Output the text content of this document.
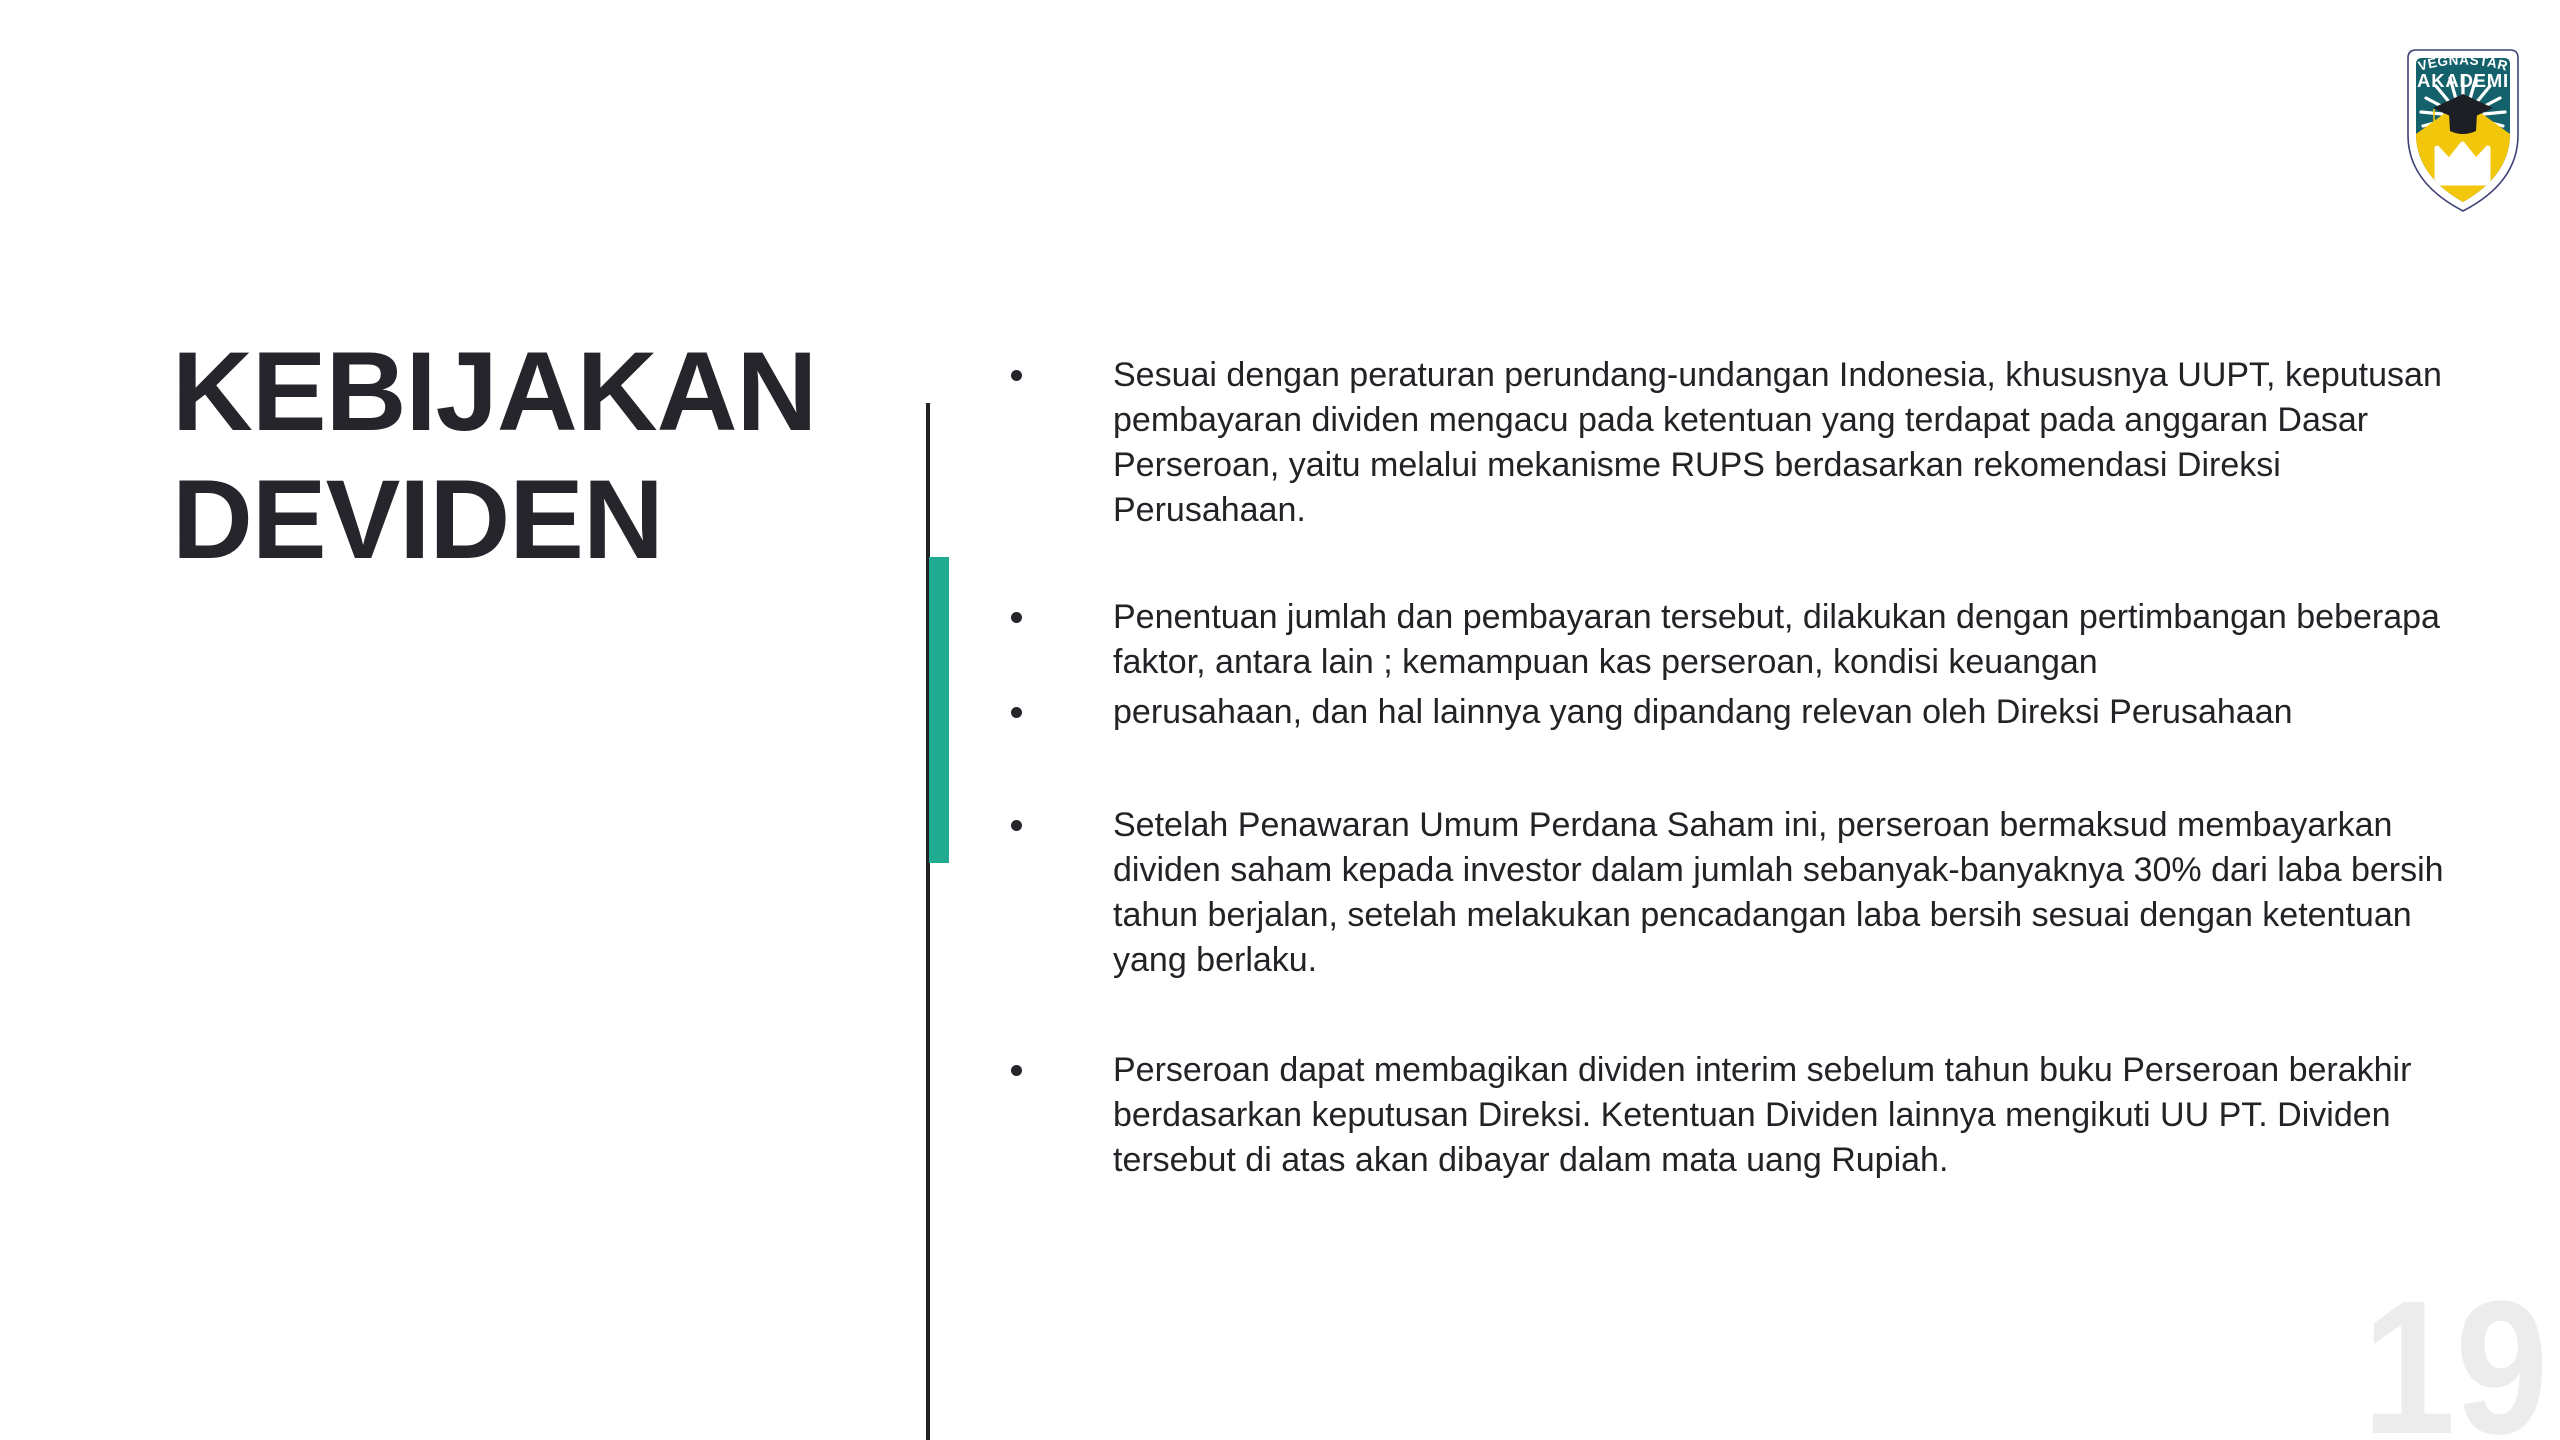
KEBIJAKAN DEVIDEN
Sesuai dengan peraturan perundang-undangan Indonesia, khususnya UUPT, keputusan pembayaran dividen mengacu pada ketentuan yang terdapat pada anggaran Dasar Perseroan, yaitu melalui mekanisme RUPS berdasarkan rekomendasi Direksi Perusahaan.
Penentuan jumlah dan pembayaran tersebut, dilakukan dengan pertimbangan beberapa faktor, antara lain ; kemampuan kas perseroan, kondisi keuangan
perusahaan, dan hal lainnya yang dipandang relevan oleh Direksi Perusahaan
Setelah Penawaran Umum Perdana Saham ini, perseroan bermaksud membayarkan dividen saham kepada investor dalam jumlah sebanyak-banyaknya 30% dari laba bersih tahun berjalan, setelah melakukan pencadangan laba bersih sesuai dengan ketentuan yang berlaku.
Perseroan dapat membagikan dividen interim sebelum tahun buku Perseroan berakhir berdasarkan keputusan Direksi. Ketentuan Dividen lainnya mengikuti UU PT. Dividen tersebut di atas akan dibayar dalam mata uang Rupiah.
19
VEGNASTAR
AKADEMI
